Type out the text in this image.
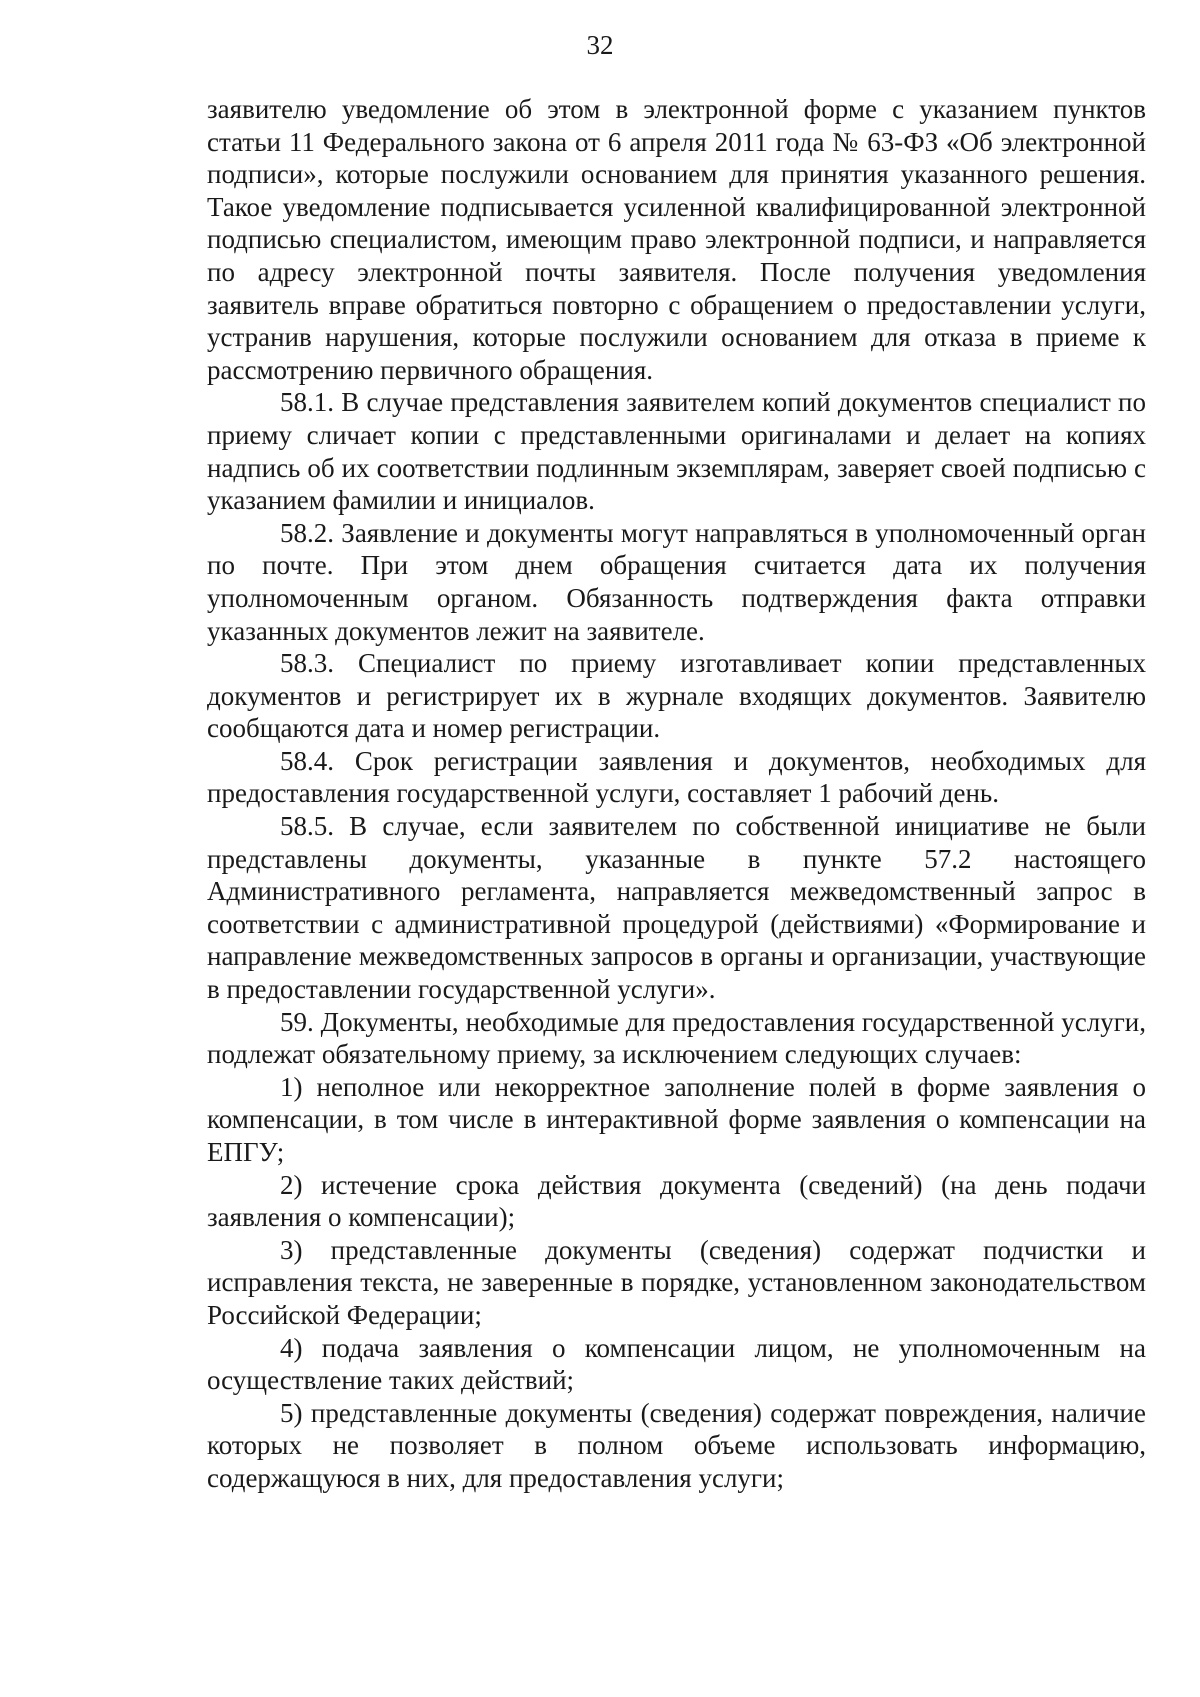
32

заявителю уведомление об этом в электронной форме с указанием пунктов статьи 11 Федерального закона от 6 апреля 2011 года № 63-ФЗ «Об электронной подписи», которые послужили основанием для принятия указанного решения. Такое уведомление подписывается усиленной квалифицированной электронной подписью специалистом, имеющим право электронной подписи, и направляется по адресу электронной почты заявителя. После получения уведомления заявитель вправе обратиться повторно с обращением о предоставлении услуги, устранив нарушения, которые послужили основанием для отказа в приеме к рассмотрению первичного обращения.

58.1. В случае представления заявителем копий документов специалист по приему сличает копии с представленными оригиналами и делает на копиях надпись об их соответствии подлинным экземплярам, заверяет своей подписью с указанием фамилии и инициалов.

58.2. Заявление и документы могут направляться в уполномоченный орган по почте. При этом днем обращения считается дата их получения уполномоченным органом. Обязанность подтверждения факта отправки указанных документов лежит на заявителе.

58.3. Специалист по приему изготавливает копии представленных документов и регистрирует их в журнале входящих документов. Заявителю сообщаются дата и номер регистрации.

58.4. Срок регистрации заявления и документов, необходимых для предоставления государственной услуги, составляет 1 рабочий день.

58.5. В случае, если заявителем по собственной инициативе не были представлены документы, указанные в пункте 57.2 настоящего Административного регламента, направляется межведомственный запрос в соответствии с административной процедурой (действиями) «Формирование и направление межведомственных запросов в органы и организации, участвующие в предоставлении государственной услуги».

59. Документы, необходимые для предоставления государственной услуги, подлежат обязательному приему, за исключением следующих случаев:

1) неполное или некорректное заполнение полей в форме заявления о компенсации, в том числе в интерактивной форме заявления о компенсации на ЕПГУ;

2) истечение срока действия документа (сведений) (на день подачи заявления о компенсации);

3) представленные документы (сведения) содержат подчистки и исправления текста, не заверенные в порядке, установленном законодательством Российской Федерации;

4) подача заявления о компенсации лицом, не уполномоченным на осуществление таких действий;

5) представленные документы (сведения) содержат повреждения, наличие которых не позволяет в полном объеме использовать информацию, содержащуюся в них, для предоставления услуги;
